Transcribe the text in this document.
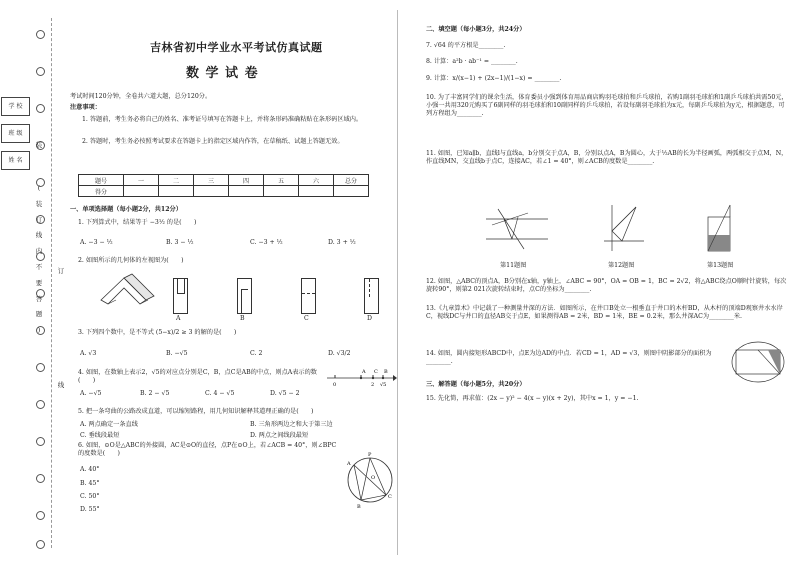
学 校
班 级
姓 名
装
(
装
订
线
内
不
要
答
题
)
订
线
吉林省初中学业水平考试仿真试题
数 学 试 卷
考试时间120分钟，全卷共六道大题，总分120分。
注意事项：
1. 答题前，考生务必将自己的姓名、准考证号填写在答题卡上，并将条形码准确粘贴在条形码区域内。
2. 答题时，考生务必按照考试要求在答题卡上的指定区域内作答，在草稿纸、试题上答题无效。
题号	一	二	三	四	五	六	总分
得分							
一、单项选择题（每小题2分，共12分）
1. 下列算式中，结果等于 −3½ 的是(　　)
A. −3 − ½	B. 3 − ½	C. −3 + ½	D. 3 + ½
2. 如图所示的几何体的左视图为(　　)
A	B	C	D
3. 下列四个数中，是不等式 (5−x)/2 ≥ 3 的解的是(　　)
A. √3	B. −√5	C. 2	D. √3/2
4. 如图，在数轴上表示2，√5的对应点分别是C，B，点C是AB的中点，则点A表示的数(　　)
A C B
0	2 √5
A. −√5	B. 2 − √5	C. 4 − √5	D. √5 − 2
5. 把一条弯曲的公路改成直道，可以缩短路程，用几何知识解释其道理正确的是(　　)
A. 两点确定一条直线	B. 三角形两边之和大于第三边
C. 垂线段最短	D. 两点之间线段最短
6. 如图，⊙O是△ABC的外接圆，AC是⊙O的直径，点P在⊙O上，若∠ACB = 40°，则∠BPC的度数是(　　)
A. 40°
B. 45°
C. 50°
D. 55°
P
A
O
C
B
二、填空题（每小题3分，共24分）
7. √64 的平方根是________.
8. 计算：a²b · ab⁻¹ = ________.
9. 计算：x/(x−1) + (2x−1)/(1−x) = ________.
10. 为了丰富同学们的课余生活，体育委员小强到体育用品商店购羽毛球拍和乒乓球拍，若购1副羽毛球拍和1副乒乓球拍共需50元，小强一共用320元购买了6副同样的羽毛球拍和10副同样的乒乓球拍，若设每副羽毛球拍为x元，每副乒乓球拍为y元，根据题意，可列方程组为________.
11. 如图，已知a∥b，直线l与直线a，b分别交于点A，B，分别以点A，B为圆心，大于½AB的长为半径画弧，两弧相交于点M，N，作直线MN，交直线b于点C，连接AC，若∠1 = 40°，则∠ACB的度数是________.
第11题图	第12题图	第13题图
12. 如图，△ABC的顶点A，B分别在x轴，y轴上，∠ABC = 90°，OA = OB = 1，BC = 2√2，将△ABC绕点O顺时针旋转，每次旋转90°，则第2 021次旋转结束时，点C的坐标为________.
13.《九章算术》中记载了一种测量井深的方法．如图所示，在井口B处立一根垂直于井口的木杆BD，从木杆的顶端D观察井水水岸C，视线DC与井口的直径AB交于点E，如果测得AB = 2米，BD = 1米，BE = 0.2米，那么井深AC为________米.
14. 如图，圆内接矩形ABCD中，点E为边AD的中点．若CD = 1，AD = √3，则图中阴影部分的面积为________.
三、解答题（每小题5分，共20分）
15. 先化简，再求值：(2x − y)² − 4(x − y)(x + 2y)，其中x = 1，y = −1.
